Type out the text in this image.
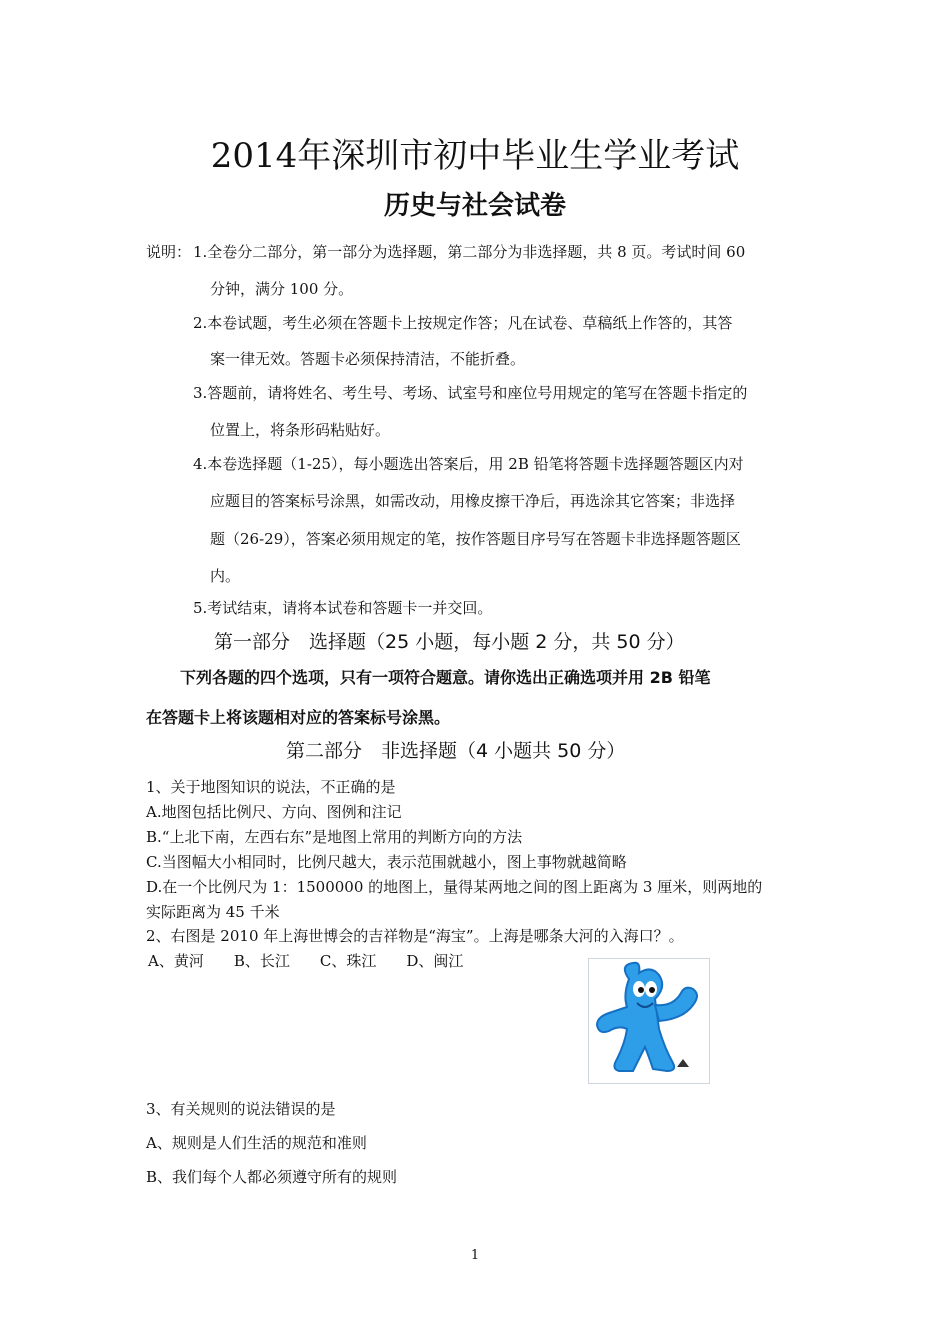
2014年深圳市初中毕业生学业考试
历史与社会试卷
说明： 1.全卷分二部分，第一部分为选择题，第二部分为非选择题，共 8 页。考试时间 60
分钟，满分 100 分。
2.本卷试题，考生必须在答题卡上按规定作答；凡在试卷、草稿纸上作答的，其答
案一律无效。答题卡必须保持清洁，不能折叠。
3.答题前，请将姓名、考生号、考场、试室号和座位号用规定的笔写在答题卡指定的
位置上，将条形码粘贴好。
4.本卷选择题（1-25），每小题选出答案后，用 2B 铅笔将答题卡选择题答题区内对
应题目的答案标号涂黑，如需改动，用橡皮擦干净后，再选涂其它答案；非选择
题（26-29），答案必须用规定的笔，按作答题目序号写在答题卡非选择题答题区
内。
5.考试结束，请将本试卷和答题卡一并交回。
第一部分　选择题（25 小题，每小题 2 分，共 50 分）
下列各题的四个选项，只有一项符合题意。请你选出正确选项并用 2B 铅笔
在答题卡上将该题相对应的答案标号涂黑。
第二部分　非选择题（4 小题共 50 分）
1、关于地图知识的说法，不正确的是
A.地图包括比例尺、方向、图例和注记
B.“上北下南，左西右东”是地图上常用的判断方向的方法
C.当图幅大小相同时，比例尺越大，表示范围就越小，图上事物就越简略
D.在一个比例尺为 1：1500000 的地图上，量得某两地之间的图上距离为 3 厘米，则两地的
实际距离为 45 千米
2、右图是 2010 年上海世博会的吉祥物是“海宝”。上海是哪条大河的入海口？。
A、黄河　　B、长江　　C、珠江　　D、闽江
3、有关规则的说法错误的是
A、规则是人们生活的规范和准则
B、我们每个人都必须遵守所有的规则
1
